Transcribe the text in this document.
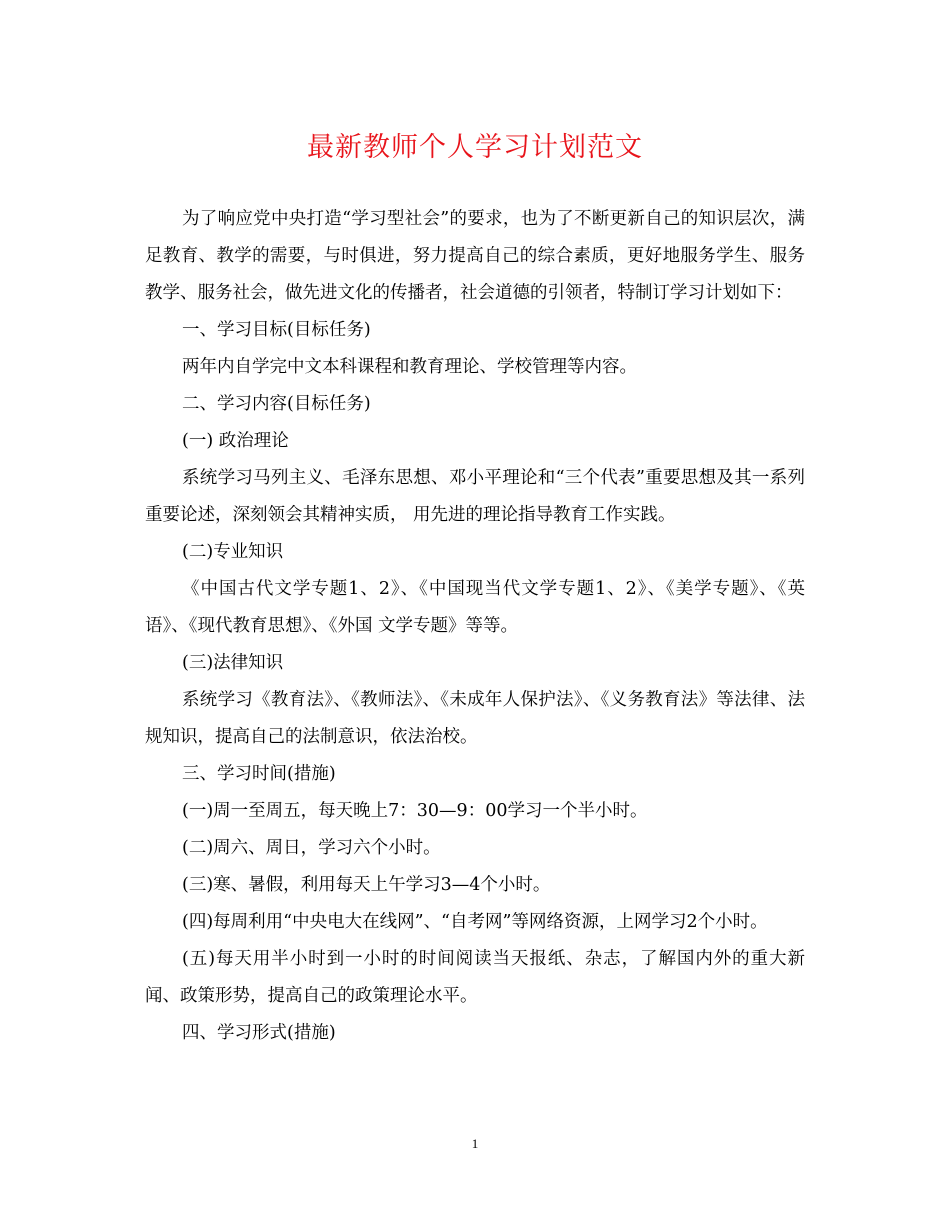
最新教师个人学习计划范文

为了响应党中央打造“学习型社会”的要求，也为了不断更新自己的知识层次，满足教育、教学的需要，与时俱进，努力提高自己的综合素质，更好地服务学生、服务教学、服务社会，做先进文化的传播者，社会道德的引领者，特制订学习计划如下：

一、学习目标(目标任务)

两年内自学完中文本科课程和教育理论、学校管理等内容。

二、学习内容(目标任务)

(一) 政治理论

系统学习马列主义、毛泽东思想、邓小平理论和“三个代表”重要思想及其一系列重要论述，深刻领会其精神实质， 用先进的理论指导教育工作实践。

(二)专业知识

《中国古代文学专题1、2》、《中国现当代文学专题1、2》、《美学专题》、《英语》、《现代教育思想》、《外国 文学专题》等等。

(三)法律知识

系统学习《教育法》、《教师法》、《未成年人保护法》、《义务教育法》等法律、法规知识，提高自己的法制意识，依法治校。

三、学习时间(措施)

(一)周一至周五，每天晚上7：30—9：00学习一个半小时。

(二)周六、周日，学习六个小时。

(三)寒、暑假，利用每天上午学习3—4个小时。

(四)每周利用“中央电大在线网”、“自考网”等网络资源，上网学习2个小时。

(五)每天用半小时到一小时的时间阅读当天报纸、杂志，了解国内外的重大新闻、政策形势，提高自己的政策理论水平。

四、学习形式(措施)

1
